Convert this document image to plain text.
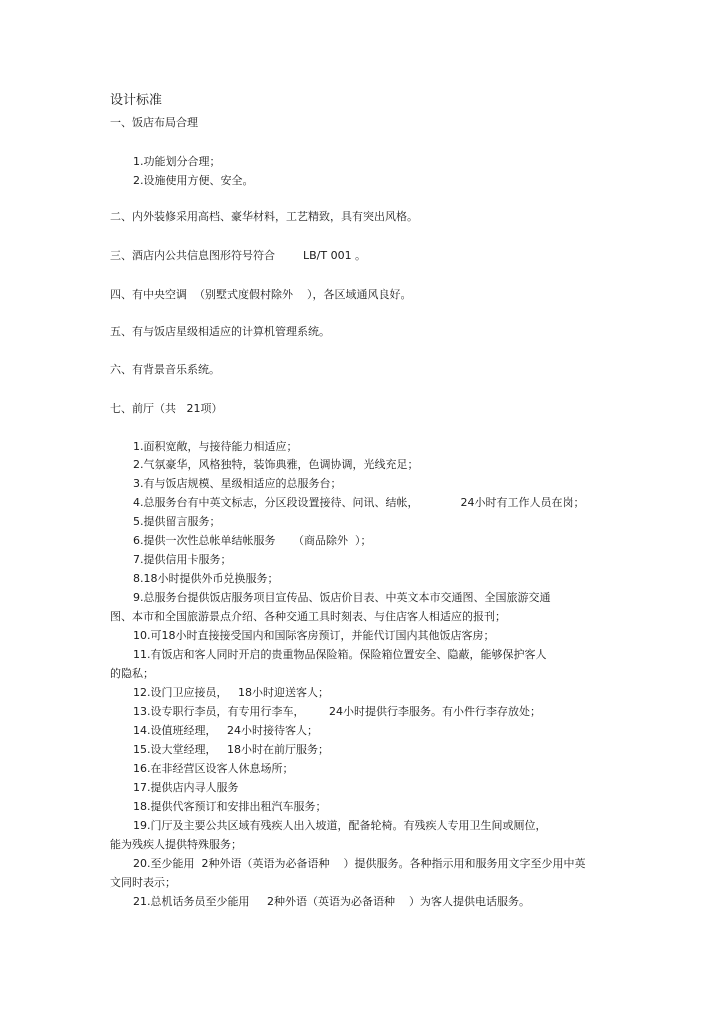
设计标准
一、饭店布局合理
1.功能划分合理；
2.设施使用方便、安全。
二、内外装修采用高档、豪华材料，工艺精致，具有突出风格。
三、酒店内公共信息图形符号符合        LB/T 001 。
四、有中央空调  （别墅式度假村除外    ），各区域通风良好。
五、有与饭店星级相适应的计算机管理系统。
六、有背景音乐系统。
七、前厅（共   21项）
1.面积宽敞，与接待能力相适应；
2.气氛豪华，风格独特，装饰典雅，色调协调，光线充足；
3.有与饭店规模、星级相适应的总服务台；
4.总服务台有中英文标志，分区段设置接待、问讯、结帐，            24小时有工作人员在岗；
5.提供留言服务；
6.提供一次性总帐单结帐服务     （商品除外  ）；
7.提供信用卡服务；
8.18小时提供外币兑换服务；
9.总服务台提供饭店服务项目宣传品、饭店价目表、中英文本市交通图、全国旅游交通
图、本市和全国旅游景点介绍、各种交通工具时刻表、与住店客人相适应的报刊；
10.可18小时直接接受国内和国际客房预订，并能代订国内其他饭店客房；
11.有饭店和客人同时开启的贵重物品保险箱。保险箱位置安全、隐蔽，能够保护客人
的隐私；
12.设门卫应接员，   18小时迎送客人；
13.设专职行李员，有专用行李车，       24小时提供行李服务。有小件行李存放处；
14.设值班经理，   24小时接待客人；
15.设大堂经理，   18小时在前厅服务；
16.在非经营区设客人休息场所；
17.提供店内寻人服务
18.提供代客预订和安排出租汽车服务；
19.门厅及主要公共区域有残疾人出入坡道，配备轮椅。有残疾人专用卫生间或厕位，
能为残疾人提供特殊服务；
20.至少能用  2种外语（英语为必备语种    ）提供服务。各种指示用和服务用文字至少用中英
文同时表示；
21.总机话务员至少能用     2种外语（英语为必备语种    ）为客人提供电话服务。
